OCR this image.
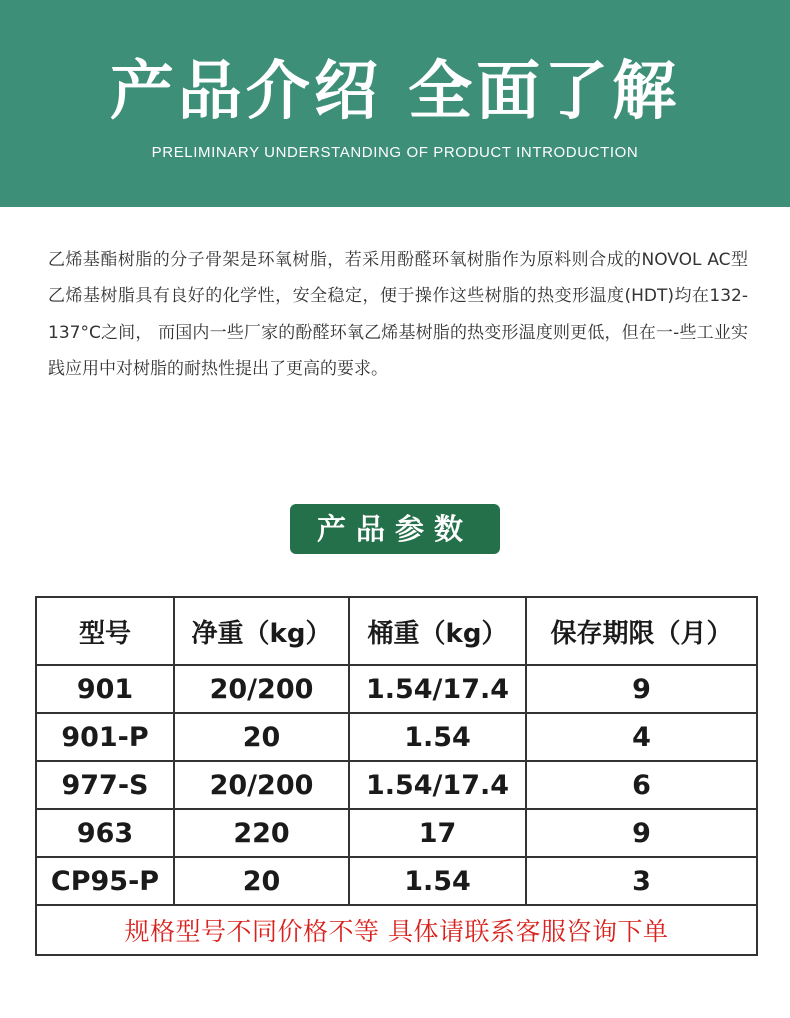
产品介绍 全面了解
PRELIMINARY UNDERSTANDING OF PRODUCT INTRODUCTION

乙烯基酯树脂的分子骨架是环氧树脂，若采用酚醛环氧树脂作为原料则合成的NOVOL AC型乙烯基树脂具有良好的化学性，安全稳定，便于操作这些树脂的热变形温度(HDT)均在132-137°C之间， 而国内一些厂家的酚醛环氧乙烯基树脂的热变形温度则更低，但在一-些工业实践应用中对树脂的耐热性提出了更高的要求。

产品参数
型号	净重（kg）	桶重（kg）	保存期限（月）
901	20/200	1.54/17.4	9
901-P	20	1.54	4
977-S	20/200	1.54/17.4	6
963	220	17	9
CP95-P	20	1.54	3
规格型号不同价格不等 具体请联系客服咨询下单			
